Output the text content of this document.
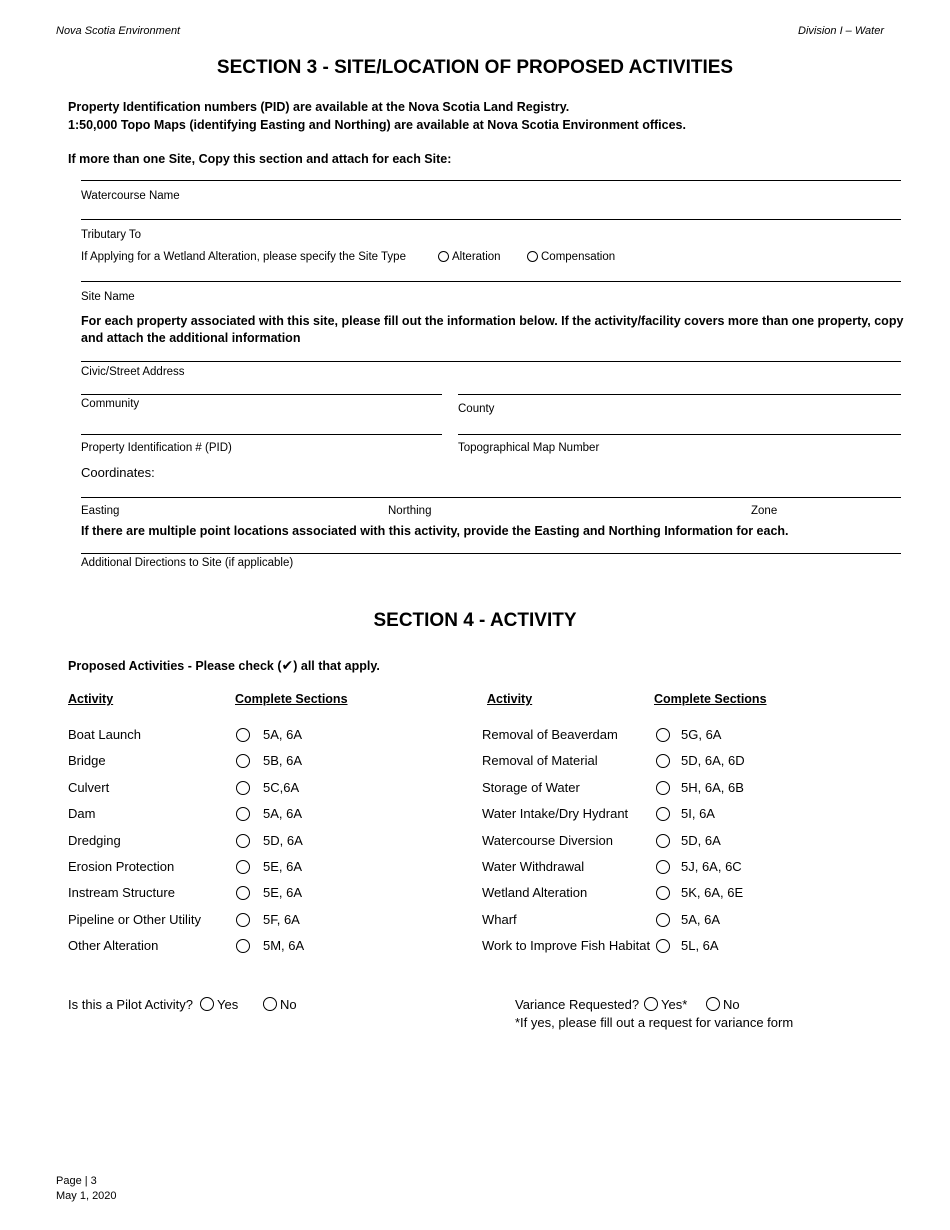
Nova Scotia Environment	Division I – Water
SECTION 3 - SITE/LOCATION OF PROPOSED ACTIVITIES
Property Identification numbers (PID) are available at the Nova Scotia Land Registry.
1:50,000 Topo Maps (identifying Easting and Northing) are available at Nova Scotia Environment offices.
If more than one Site, Copy this section and attach for each Site:
Watercourse Name
Tributary To
If Applying for a Wetland Alteration, please specify the Site Type	Alteration	Compensation
Site Name
For each property associated with this site, please fill out the information below. If the activity/facility covers more than one property, copy and attach the additional information
Civic/Street Address
Community	County
Property Identification # (PID)	Topographical Map Number
Coordinates:
Easting	Northing	Zone
If there are multiple point locations associated with this activity, provide the Easting and Northing Information for each.
Additional Directions to Site (if applicable)
SECTION 4 - ACTIVITY
Proposed Activities - Please check (✔) all that apply.
Activity	Complete Sections	Activity	Complete Sections
Boat Launch	5A, 6A
Bridge	5B, 6A
Culvert	5C,6A
Dam	5A, 6A
Dredging	5D, 6A
Erosion Protection	5E, 6A
Instream Structure	5E, 6A
Pipeline or Other Utility	5F, 6A
Other Alteration	5M, 6A
Removal of Beaverdam	5G, 6A
Removal of Material	5D, 6A, 6D
Storage of Water	5H, 6A, 6B
Water Intake/Dry Hydrant	5I, 6A
Watercourse Diversion	5D, 6A
Water Withdrawal	5J, 6A, 6C
Wetland Alteration	5K, 6A, 6E
Wharf	5A, 6A
Work to Improve Fish Habitat 5L, 6A
Is this a Pilot Activity?	Yes	No	Variance Requested?	Yes*	No
*If yes, please fill out a request for variance form
Page | 3
May 1, 2020
